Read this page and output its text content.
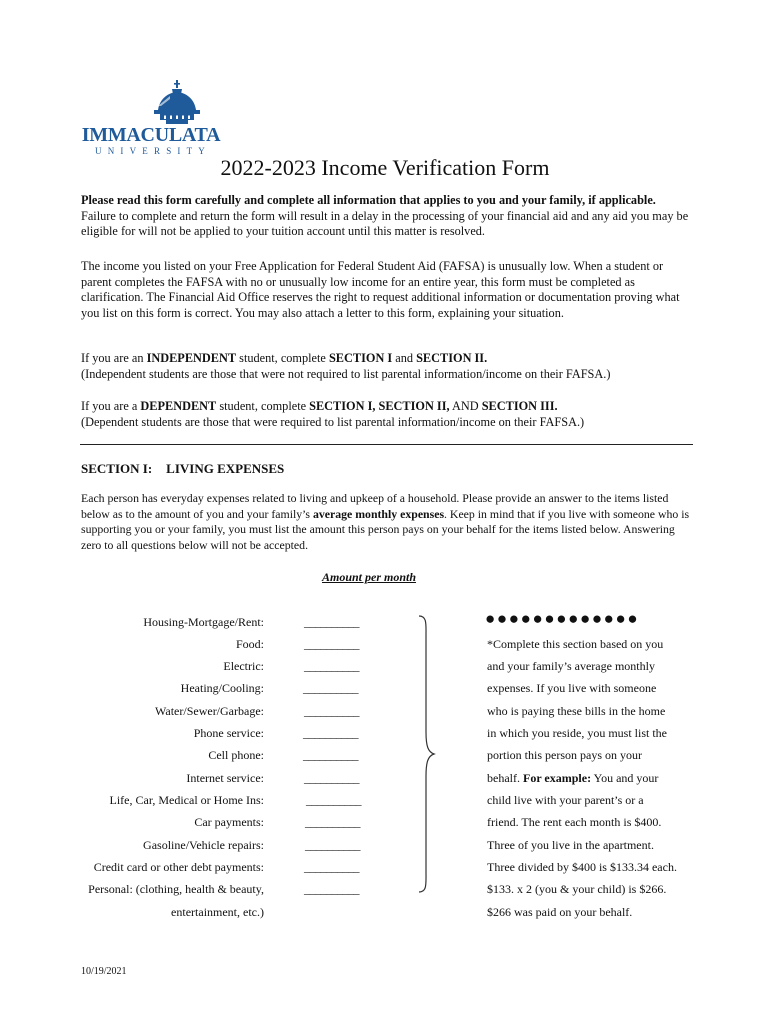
IMMACULATA
UNIVERSITY
2022-2023 Income Verification Form
Please read this form carefully and complete all information that applies to you and your family, if applicable. Failure to complete and return the form will result in a delay in the processing of your financial aid and any aid you may be eligible for will not be applied to your tuition account until this matter is resolved.
The income you listed on your Free Application for Federal Student Aid (FAFSA) is unusually low. When a student or parent completes the FAFSA with no or unusually low income for an entire year, this form must be completed as clarification. The Financial Aid Office reserves the right to request additional information or documentation proving what you list on this form is correct. You may also attach a letter to this form, explaining your situation.
If you are an INDEPENDENT student, complete SECTION I and SECTION II.
(Independent students are those that were not required to list parental information/income on their FAFSA.)
If you are a DEPENDENT student, complete SECTION I, SECTION II, AND SECTION III.
(Dependent students are those that were required to list parental information/income on their FAFSA.)
SECTION I: LIVING EXPENSES
Each person has everyday expenses related to living and upkeep of a household. Please provide an answer to the items listed below as to the amount of you and your family’s average monthly expenses. Keep in mind that if you live with someone who is supporting you or your family, you must list the amount this person pays on your behalf for the items listed below. Answering zero to all questions below will not be accepted.
Amount per month
Housing-Mortgage/Rent:	__________
Food:	__________
Electric:	__________
Heating/Cooling:	__________
Water/Sewer/Garbage:	__________
Phone service:	__________
Cell phone:	__________
Internet service:	__________
Life, Car, Medical or Home Ins:	__________
Car payments:	__________
Gasoline/Vehicle repairs:	__________
Credit card or other debt payments:	__________
Personal: (clothing, health & beauty,	__________
entertainment, etc.)
●●●●●●●●●●●●●
*Complete this section based on you
and your family’s average monthly
expenses. If you live with someone
who is paying these bills in the home
in which you reside, you must list the
portion this person pays on your
behalf. For example: You and your
child live with your parent’s or a
friend. The rent each month is $400.
Three of you live in the apartment.
Three divided by $400 is $133.34 each.
$133. x 2 (you & your child) is $266.
$266 was paid on your behalf.
10/19/2021
